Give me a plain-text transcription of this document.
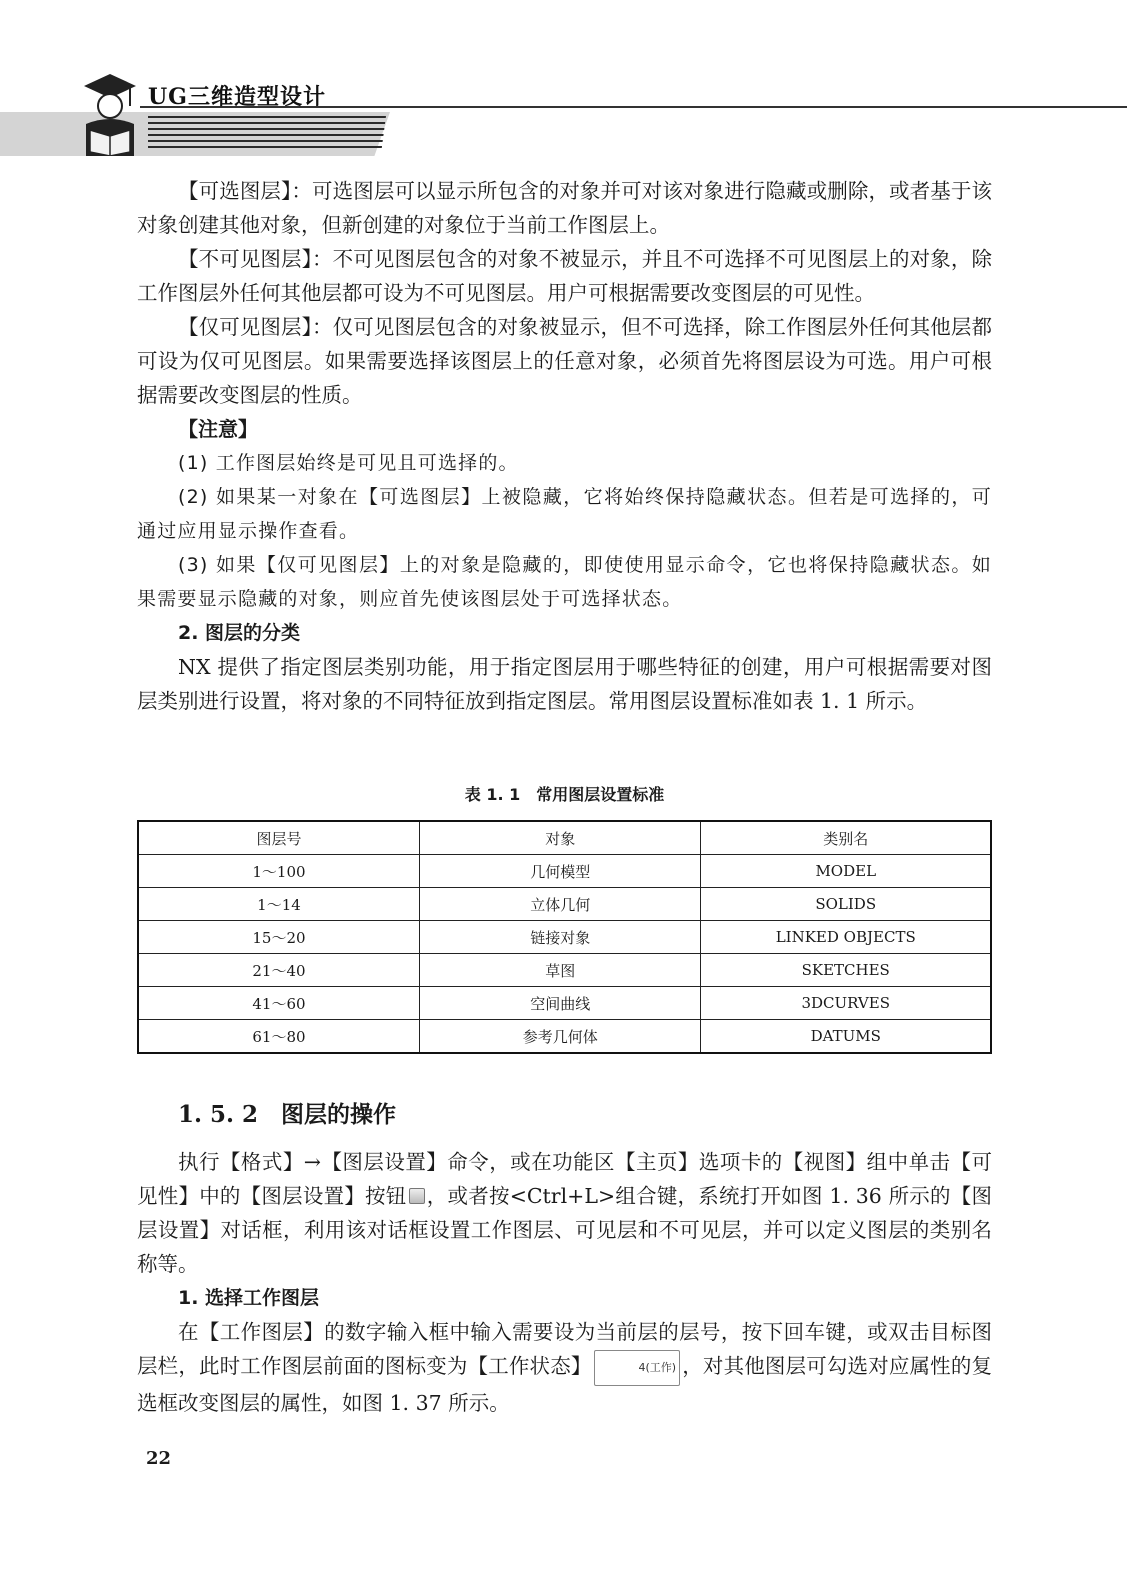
UG三维造型设计

【可选图层】：可选图层可以显示所包含的对象并可对该对象进行隐藏或删除，或者基于该对象创建其他对象，但新创建的对象位于当前工作图层上。

【不可见图层】：不可见图层包含的对象不被显示，并且不可选择不可见图层上的对象，除工作图层外任何其他层都可设为不可见图层。用户可根据需要改变图层的可见性。

【仅可见图层】：仅可见图层包含的对象被显示，但不可选择，除工作图层外任何其他层都可设为仅可见图层。如果需要选择该图层上的任意对象，必须首先将图层设为可选。用户可根据需要改变图层的性质。

【注意】

(1) 工作图层始终是可见且可选择的。

(2) 如果某一对象在【可选图层】上被隐藏，它将始终保持隐藏状态。但若是可选择的，可通过应用显示操作查看。

(3) 如果【仅可见图层】上的对象是隐藏的，即使使用显示命令，它也将保持隐藏状态。如果需要显示隐藏的对象，则应首先使该图层处于可选择状态。

2. 图层的分类

NX 提供了指定图层类别功能，用于指定图层用于哪些特征的创建，用户可根据需要对图层类别进行设置，将对象的不同特征放到指定图层。常用图层设置标准如表 1. 1 所示。

表 1. 1　常用图层设置标准
图层号	对象	类别名
1～100	几何模型	MODEL
1～14	立体几何	SOLIDS
15～20	链接对象	LINKED OBJECTS
21～40	草图	SKETCHES
41～60	空间曲线	3DCURVES
61～80	参考几何体	DATUMS
1. 5. 2　图层的操作

执行【格式】→【图层设置】命令，或在功能区【主页】选项卡的【视图】组中单击【可见性】中的【图层设置】按钮 ，或者按<Ctrl+L>组合键，系统打开如图 1. 36 所示的【图层设置】对话框，利用该对话框设置工作图层、可见层和不可见层，并可以定义图层的类别名称等。

1. 选择工作图层

在【工作图层】的数字输入框中输入需要设为当前层的层号，按下回车键，或双击目标图层栏，此时工作图层前面的图标变为【工作状态】	4(工作) ，对其他图层可勾选对应属性的复选框改变图层的属性，如图 1. 37 所示。

22
